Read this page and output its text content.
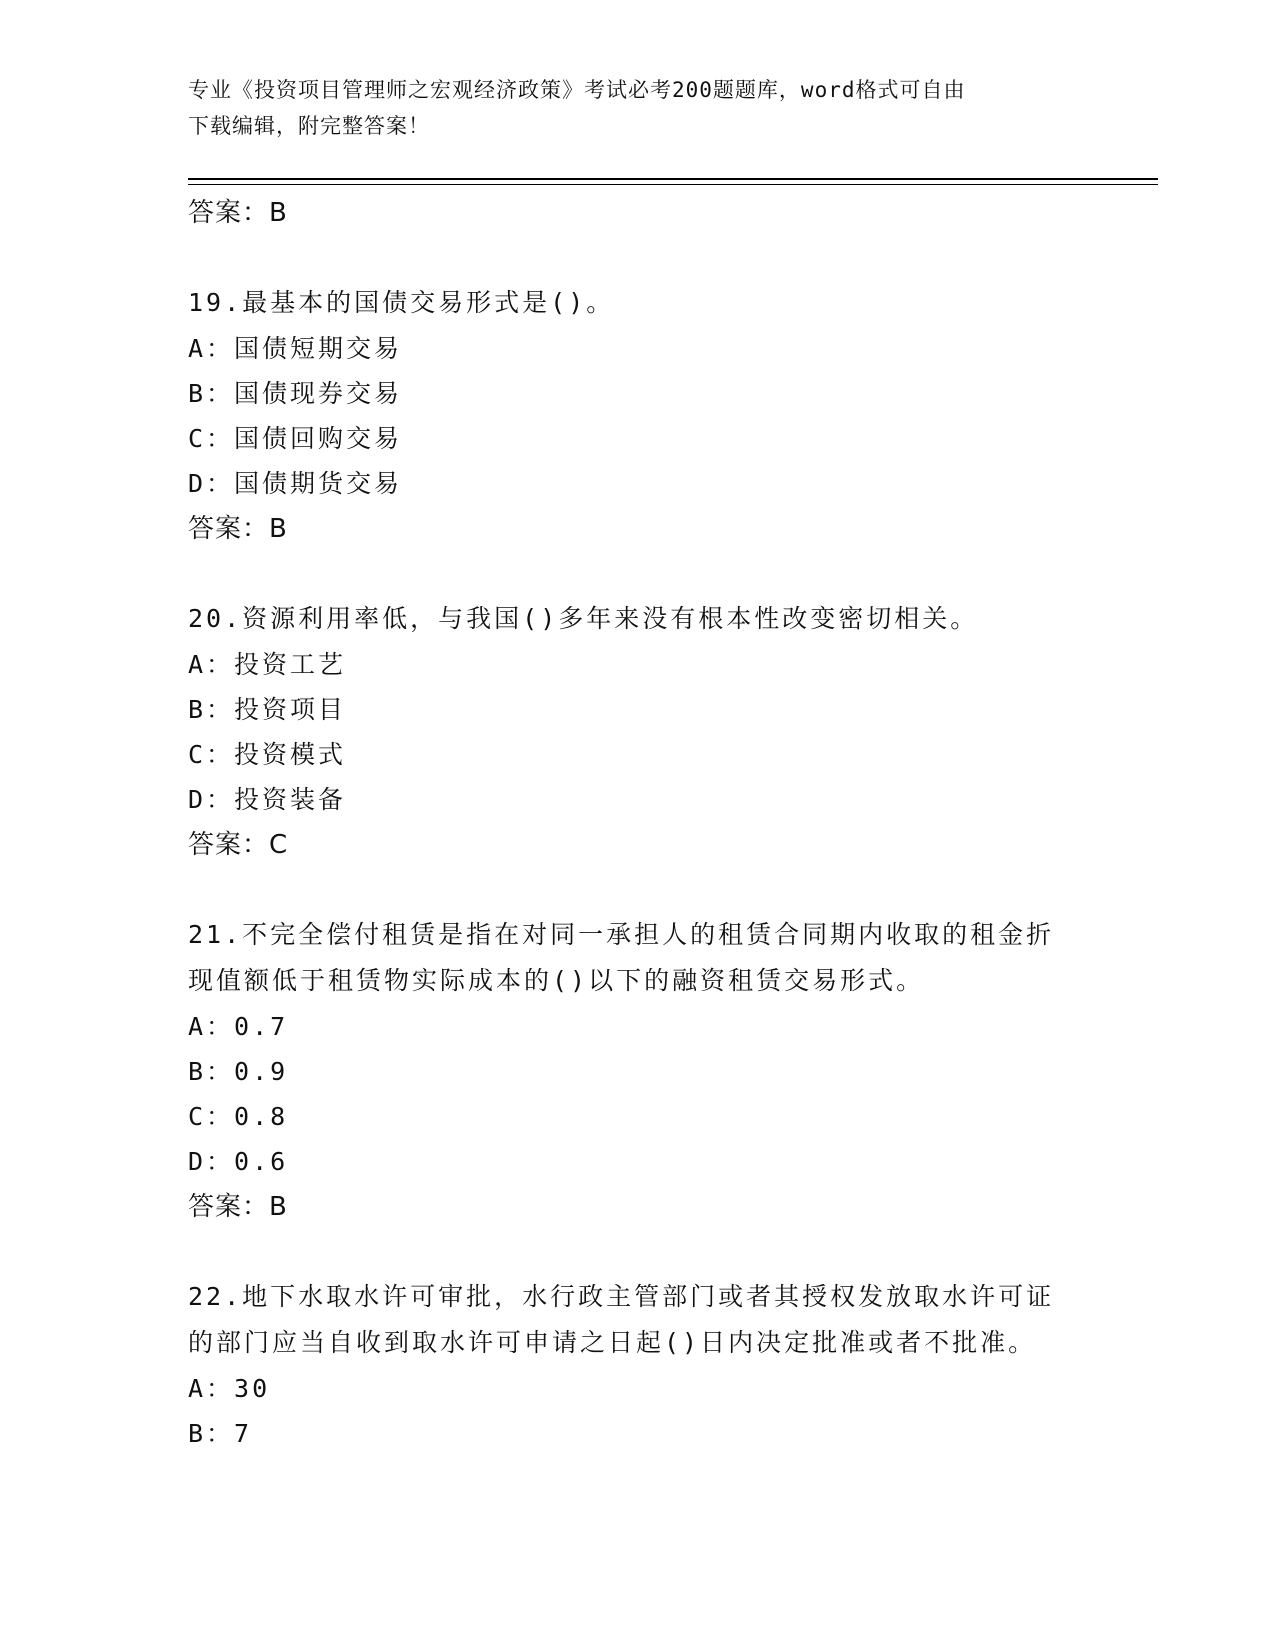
专业《投资项目管理师之宏观经济政策》考试必考200题题库，word格式可自由
下载编辑，附完整答案！
答案：B
19.最基本的国债交易形式是()。
A：国债短期交易
B：国债现券交易
C：国债回购交易
D：国债期货交易
答案：B
20.资源利用率低，与我国()多年来没有根本性改变密切相关。
A：投资工艺
B：投资项目
C：投资模式
D：投资装备
答案：C
21.不完全偿付租赁是指在对同一承担人的租赁合同期内收取的租金折
现值额低于租赁物实际成本的()以下的融资租赁交易形式。
A：0.7
B：0.9
C：0.8
D：0.6
答案：B
22.地下水取水许可审批，水行政主管部门或者其授权发放取水许可证
的部门应当自收到取水许可申请之日起()日内决定批准或者不批准。
A：30
B：7
